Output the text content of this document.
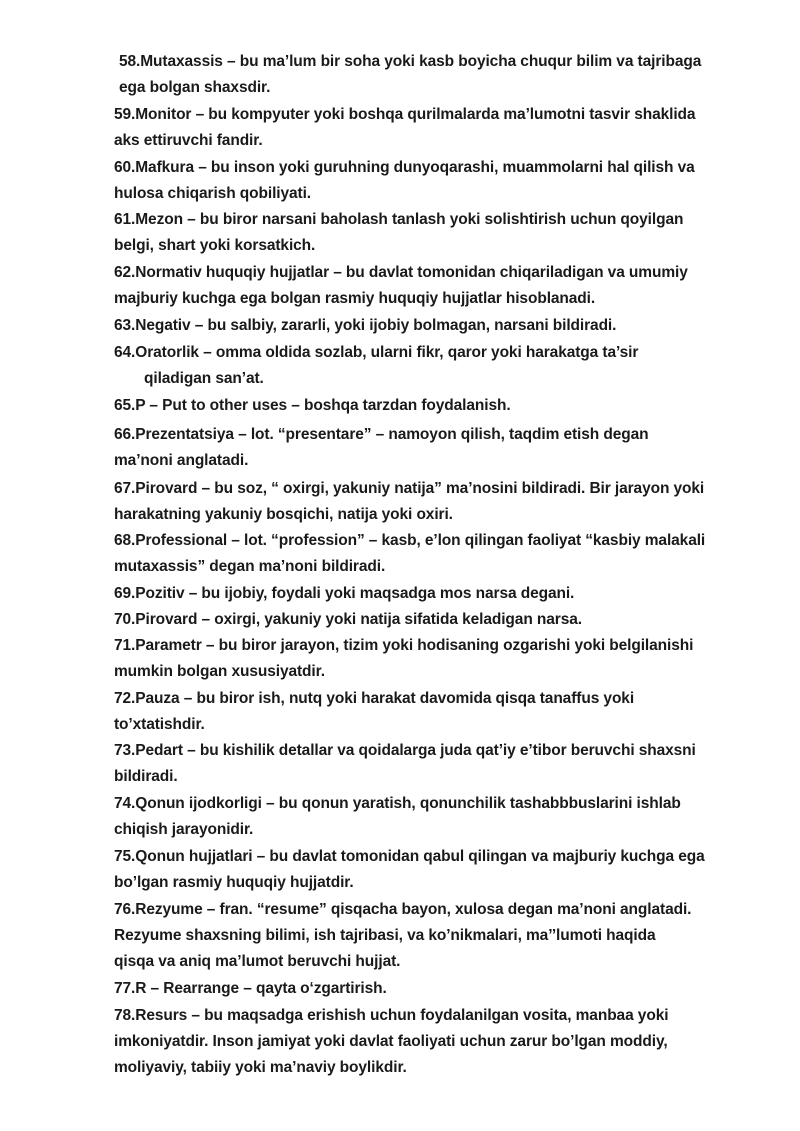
58.Mutaxassis – bu ma’lum bir soha yoki kasb boyicha chuqur bilim va tajribaga
ega bolgan shaxsdir.
59.Monitor – bu kompyuter yoki boshqa qurilmalarda ma’lumotni tasvir shaklida
aks ettiruvchi fandir.
60.Mafkura – bu inson yoki guruhning dunyoqarashi, muammolarni hal qilish va
hulosa chiqarish qobiliyati.
61.Mezon – bu biror narsani baholash tanlash yoki solishtirish uchun qoyilgan
belgi, shart yoki korsatkich.
62.Normativ huquqiy hujjatlar – bu davlat tomonidan chiqariladigan va umumiy
majburiy kuchga ega bolgan rasmiy huquqiy hujjatlar hisoblanadi.
63.Negativ – bu salbiy, zararli, yoki ijobiy bolmagan, narsani bildiradi.
64.Oratorlik – omma oldida sozlab, ularni fikr, qaror yoki harakatga ta’sir
qiladigan san’at.
65.P – Put to other uses – boshqa tarzdan foydalanish.
66.Prezentatsiya – lot. “presentare” – namoyon qilish, taqdim etish degan
ma’noni anglatadi.
67.Pirovard – bu soz, “ oxirgi, yakuniy natija” ma’nosini bildiradi. Bir jarayon yoki
harakatning yakuniy bosqichi, natija yoki oxiri.
68.Professional – lot. “profession” – kasb, e’lon qilingan faoliyat “kasbiy malakali
mutaxassis” degan ma’noni bildiradi.
69.Pozitiv – bu ijobiy, foydali yoki maqsadga mos narsa degani.
70.Pirovard – oxirgi, yakuniy yoki natija sifatida keladigan narsa.
71.Parametr – bu biror jarayon, tizim yoki hodisaning ozgarishi yoki belgilanishi
mumkin bolgan xususiyatdir.
72.Pauza – bu biror ish, nutq yoki harakat davomida qisqa tanaffus yoki
to’xtatishdir.
73.Pedart – bu kishilik detallar va qoidalarga juda qat’iy e’tibor beruvchi shaxsni
bildiradi.
74.Qonun ijodkorligi – bu qonun yaratish, qonunchilik tashabbbuslarini ishlab
chiqish jarayonidir.
75.Qonun hujjatlari – bu davlat tomonidan qabul qilingan va majburiy kuchga ega
bo’lgan rasmiy huquqiy hujjatdir.
76.Rezyume – fran. “resume” qisqacha bayon, xulosa degan ma’noni anglatadi.
Rezyume shaxsning bilimi, ish tajribasi, va ko’nikmalari, ma’’lumoti haqida
qisqa va aniq ma’lumot beruvchi hujjat.
77.R – Rearrange – qayta o‘zgartirish.
78.Resurs – bu maqsadga erishish uchun foydalanilgan vosita, manbaa yoki
imkoniyatdir. Inson jamiyat yoki davlat faoliyati uchun zarur bo’lgan moddiy,
moliyaviy, tabiiy yoki ma’naviy boylikdir.
